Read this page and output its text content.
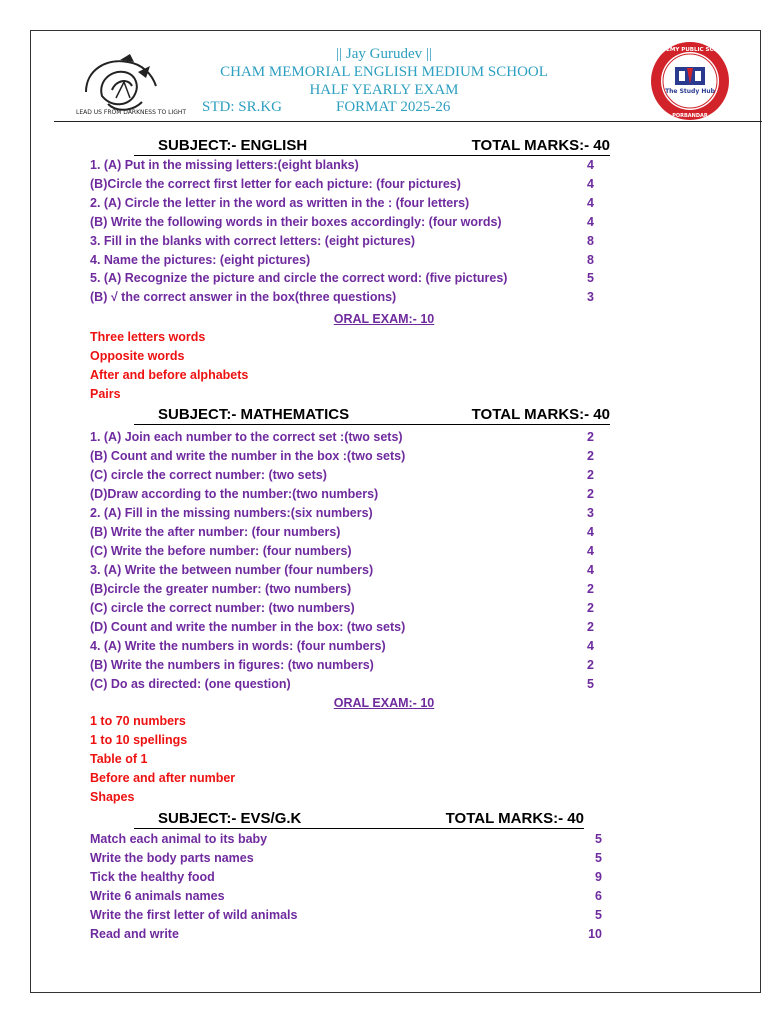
LEAD US FROM DARKNESS TO LIGHT
ACADEMY PUBLIC SCHOOL
The Study Hub
PORBANDAR
|| Jay Gurudev ||
CHAM MEMORIAL ENGLISH MEDIUM SCHOOL
HALF YEARLY EXAM
STD: SR.KG	FORMAT 2025-26
SUBJECT:- ENGLISH	TOTAL MARKS:- 40
1. (A) Put in the missing letters:(eight blanks)	4
(B)Circle the correct first letter for each picture: (four pictures)	4
2. (A) Circle the letter in the word as written in the : (four letters)	4
(B) Write the following words in their boxes accordingly: (four words)	4
3. Fill in the blanks with correct letters: (eight pictures)	8
4. Name the pictures: (eight pictures)	8
5. (A) Recognize the picture and circle the correct word: (five pictures)	5
(B) √ the correct answer in the box(three questions)	3
ORAL EXAM:- 10
Three letters words
Opposite words
After and before alphabets
Pairs
SUBJECT:- MATHEMATICS	TOTAL MARKS:- 40
1. (A) Join each number to the correct set :(two sets)	2
(B) Count and write the number in the box :(two sets)	2
(C) circle the correct number: (two sets)	2
(D)Draw according to the number:(two numbers)	2
2. (A) Fill in the missing numbers:(six numbers)	3
(B) Write the after number: (four numbers)	4
(C) Write the before number: (four numbers)	4
3. (A) Write the between number (four numbers)	4
(B)circle the greater number: (two numbers)	2
(C) circle the correct number: (two numbers)	2
(D) Count and write the number in the box: (two sets)	2
4. (A) Write the numbers in words: (four numbers)	4
(B) Write the numbers in figures: (two numbers)	2
(C) Do as directed: (one question)	5
ORAL EXAM:- 10
1 to 70 numbers
1 to 10 spellings
Table of 1
Before and after number
Shapes
SUBJECT:- EVS/G.K	TOTAL MARKS:- 40
Match each animal to its baby	5
Write the body parts names	5
Tick the healthy food	9
Write 6 animals names	6
Write the first letter of wild animals	5
Read and write	10
